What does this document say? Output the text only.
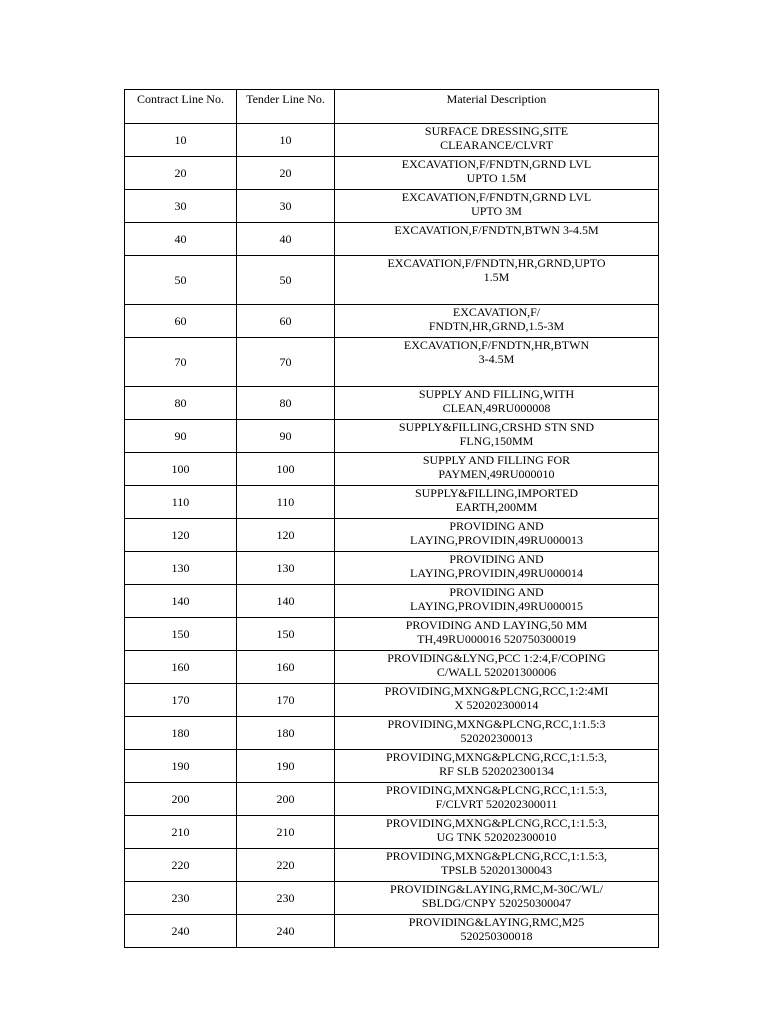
Contract Line No.	Tender Line No.	Material Description
10	10	SURFACE DRESSING,SITE
CLEARANCE/CLVRT
20	20	EXCAVATION,F/FNDTN,GRND LVL
UPTO 1.5M
30	30	EXCAVATION,F/FNDTN,GRND LVL
UPTO 3M
40	40	EXCAVATION,F/FNDTN,BTWN 3-4.5M
50	50	EXCAVATION,F/FNDTN,HR,GRND,UPTO
1.5M
60	60	EXCAVATION,F/
FNDTN,HR,GRND,1.5-3M
70	70	EXCAVATION,F/FNDTN,HR,BTWN
3-4.5M
80	80	SUPPLY AND FILLING,WITH
CLEAN,49RU000008
90	90	SUPPLY&FILLING,CRSHD STN SND
FLNG,150MM
100	100	SUPPLY AND FILLING FOR
PAYMEN,49RU000010
110	110	SUPPLY&FILLING,IMPORTED
EARTH,200MM
120	120	PROVIDING AND
LAYING,PROVIDIN,49RU000013
130	130	PROVIDING AND
LAYING,PROVIDIN,49RU000014
140	140	PROVIDING AND
LAYING,PROVIDIN,49RU000015
150	150	PROVIDING AND LAYING,50 MM
TH,49RU000016 520750300019
160	160	PROVIDING&LYNG,PCC 1:2:4,F/COPING
C/WALL 520201300006
170	170	PROVIDING,MXNG&PLCNG,RCC,1:2:4MI
X 520202300014
180	180	PROVIDING,MXNG&PLCNG,RCC,1:1.5:3
520202300013
190	190	PROVIDING,MXNG&PLCNG,RCC,1:1.5:3,
RF SLB 520202300134
200	200	PROVIDING,MXNG&PLCNG,RCC,1:1.5:3,
F/CLVRT 520202300011
210	210	PROVIDING,MXNG&PLCNG,RCC,1:1.5:3,
UG TNK 520202300010
220	220	PROVIDING,MXNG&PLCNG,RCC,1:1.5:3,
TPSLB 520201300043
230	230	PROVIDING&LAYING,RMC,M-30C/WL/
SBLDG/CNPY 520250300047
240	240	PROVIDING&LAYING,RMC,M25
520250300018
